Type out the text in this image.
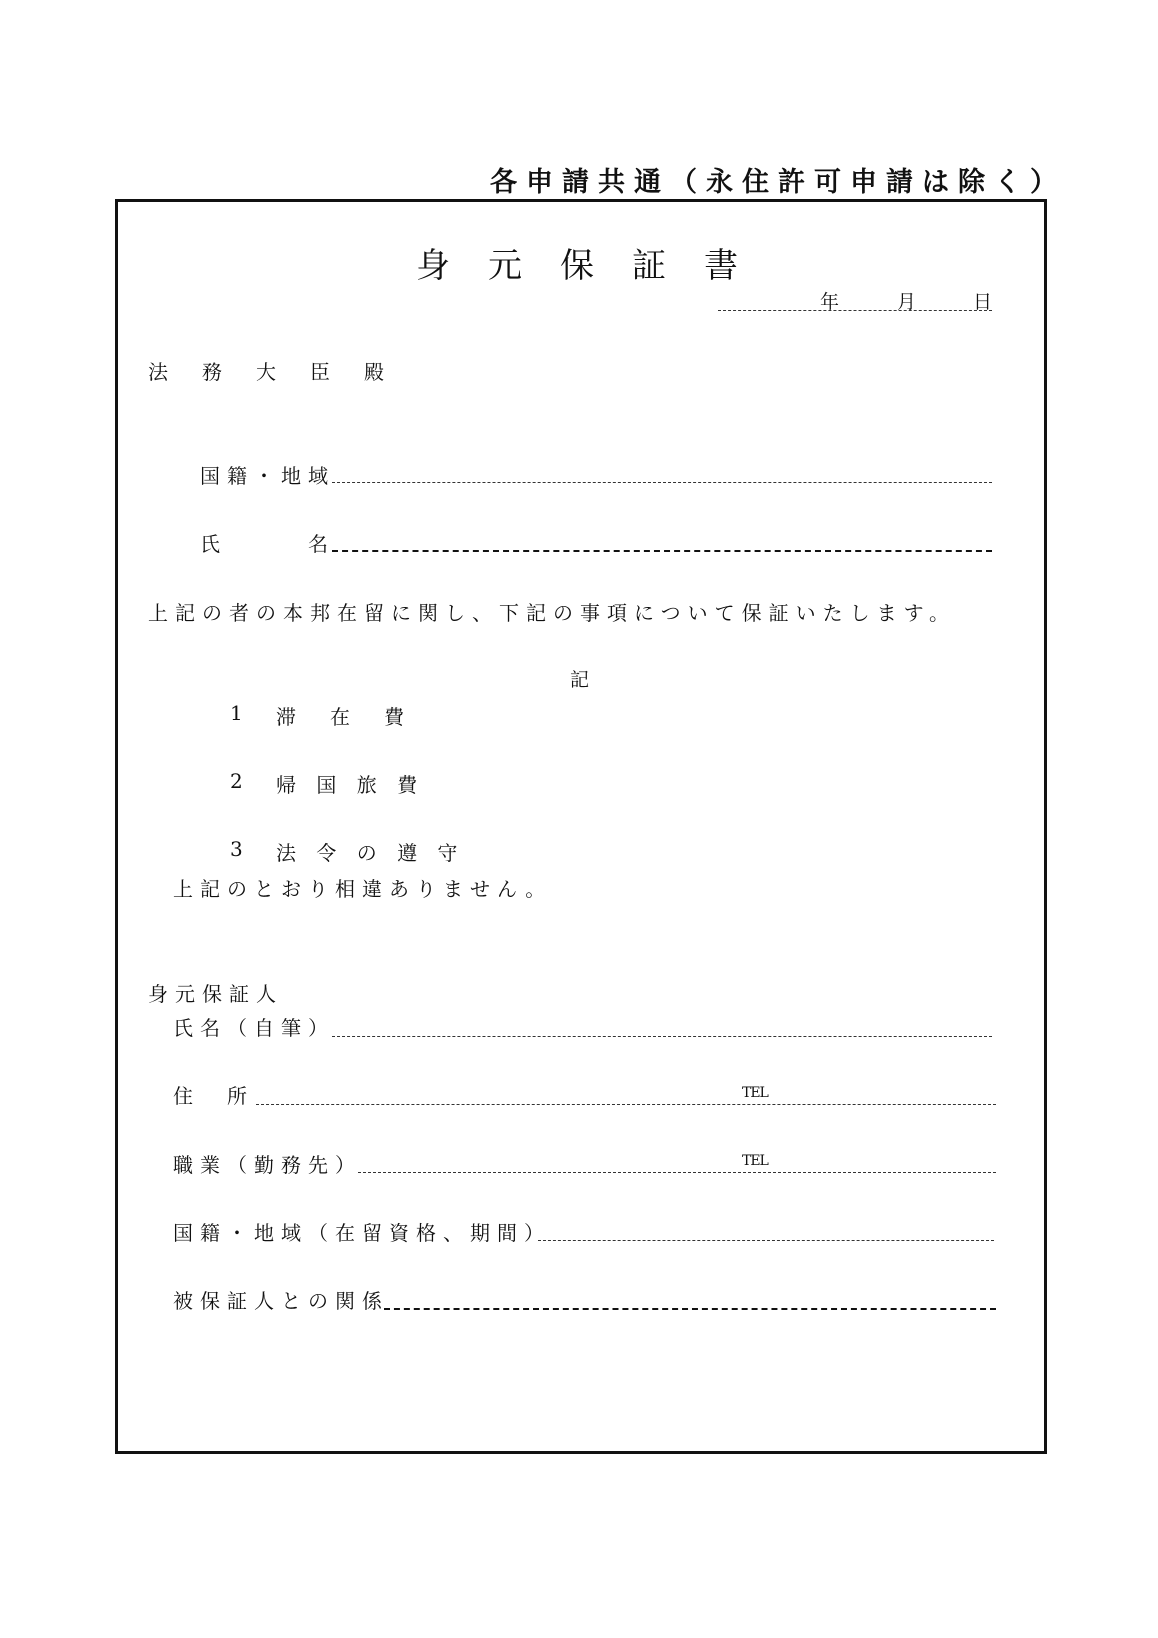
各申請共通（永住許可申請は除く）
身元保証書
年	月	日
法　務　大　臣　殿
国籍・地域
氏　　　名
上記の者の本邦在留に関し、下記の事項について保証いたします。
記
1 滞　在　費
2 帰 国 旅 費
3 法 令 の 遵 守
上記のとおり相違ありません。
身元保証人
氏名（自筆）
住　所	TEL
職業（勤務先）	TEL
国籍・地域（在留資格、期間）
被保証人との関係
